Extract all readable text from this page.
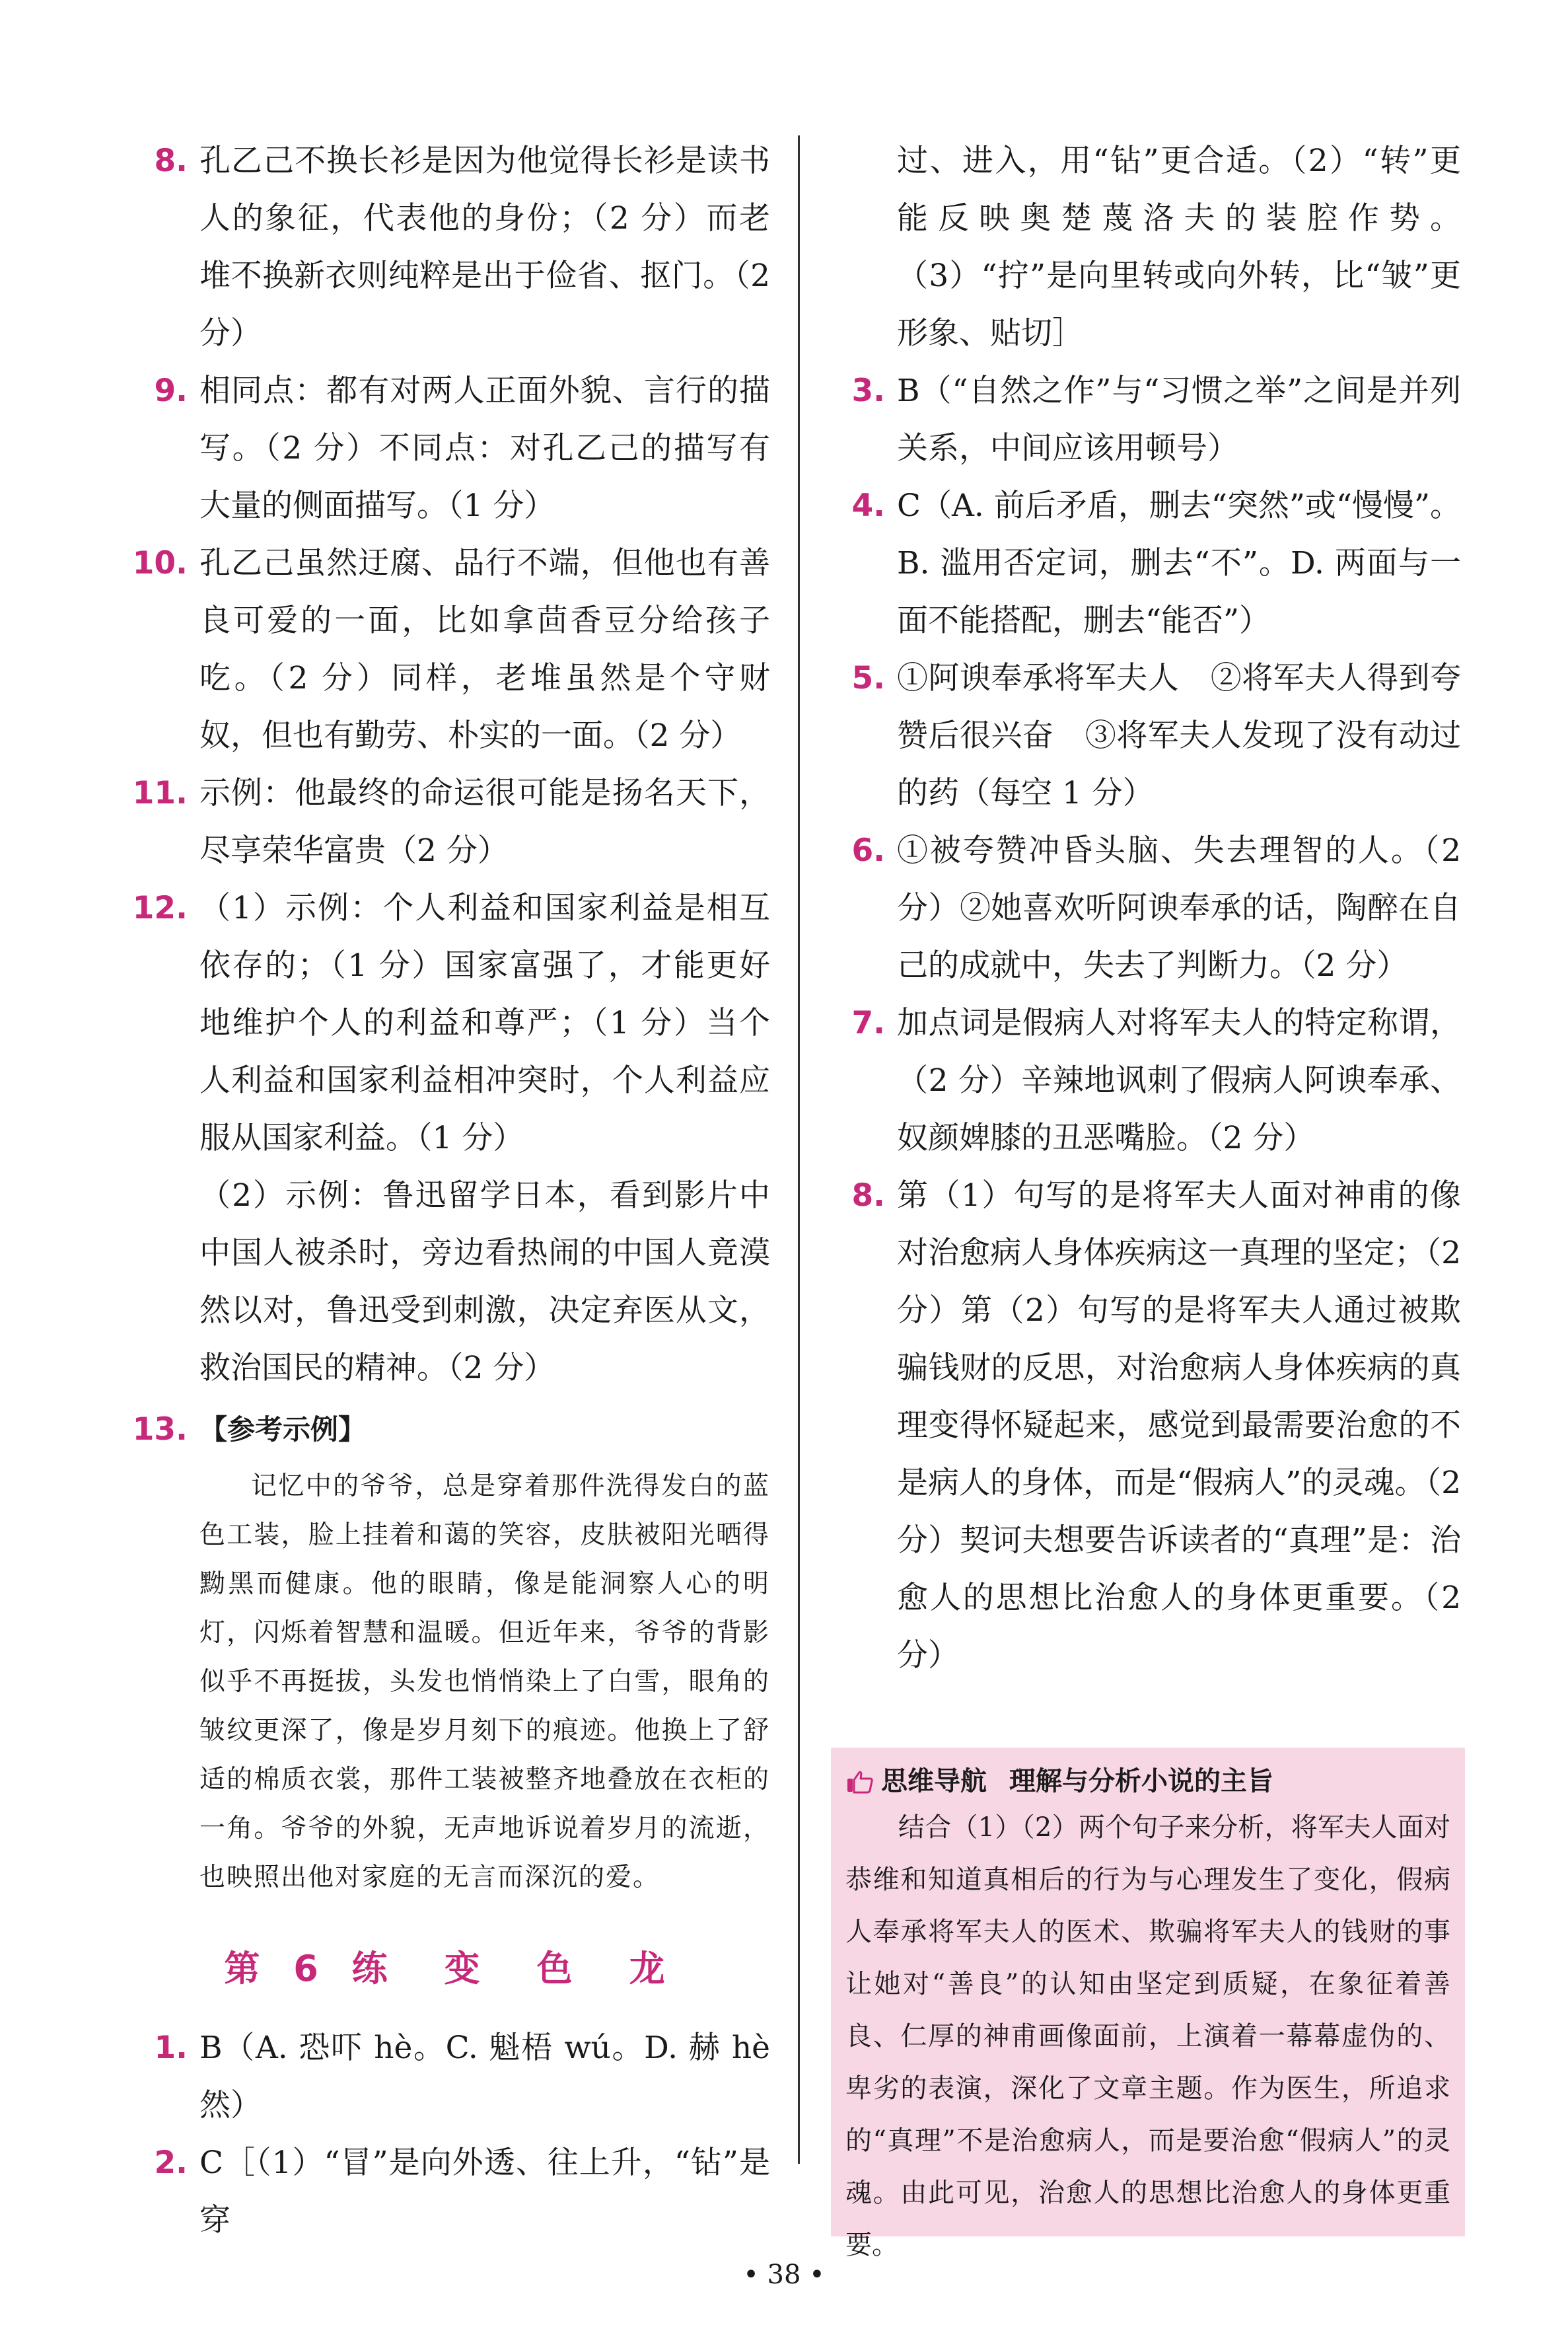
8. 孔乙己不换长衫是因为他觉得长衫是读书人的象征，代表他的身份；（2 分）而老堆不换新衣则纯粹是出于俭省、抠门。（2 分）
9. 相同点：都有对两人正面外貌、言行的描写。（2 分）不同点：对孔乙己的描写有大量的侧面描写。（1 分）
10. 孔乙己虽然迂腐、品行不端，但他也有善良可爱的一面，比如拿茴香豆分给孩子吃。（2 分）同样，老堆虽然是个守财奴，但也有勤劳、朴实的一面。（2 分）
11. 示例：他最终的命运很可能是扬名天下，尽享荣华富贵（2 分）
12. （1）示例：个人利益和国家利益是相互依存的；（1 分）国家富强了，才能更好地维护个人的利益和尊严；（1 分）当个人利益和国家利益相冲突时，个人利益应服从国家利益。（1 分）
（2）示例：鲁迅留学日本，看到影片中中国人被杀时，旁边看热闹的中国人竟漠然以对，鲁迅受到刺激，决定弃医从文，救治国民的精神。（2 分）
13. 【参考示例】
记忆中的爷爷，总是穿着那件洗得发白的蓝色工装，脸上挂着和蔼的笑容，皮肤被阳光晒得黝黑而健康。他的眼睛，像是能洞察人心的明灯，闪烁着智慧和温暖。但近年来，爷爷的背影似乎不再挺拔，头发也悄悄染上了白雪，眼角的皱纹更深了，像是岁月刻下的痕迹。他换上了舒适的棉质衣裳，那件工装被整齐地叠放在衣柜的一角。爷爷的外貌，无声地诉说着岁月的流逝，也映照出他对家庭的无言而深沉的爱。
第 6 练　变　色　龙
1. B（A. 恐吓 hè。C. 魁梧 wú。D. 赫 hè 然）
2. C［（1）“冒”是向外透、往上升，“钻”是穿
过、进入，用“钻”更合适。（2）“转”更能反映奥楚蔑洛夫的装腔作势。（3）“拧”是向里转或向外转，比“皱”更形象、贴切］
3. B（“自然之作”与“习惯之举”之间是并列关系，中间应该用顿号）
4. C（A. 前后矛盾，删去“突然”或“慢慢”。B. 滥用否定词，删去“不”。D. 两面与一面不能搭配，删去“能否”）
5. ①阿谀奉承将军夫人　②将军夫人得到夸赞后很兴奋　③将军夫人发现了没有动过的药（每空 1 分）
6. ①被夸赞冲昏头脑、失去理智的人。（2 分）②她喜欢听阿谀奉承的话，陶醉在自己的成就中，失去了判断力。（2 分）
7. 加点词是假病人对将军夫人的特定称谓，（2 分）辛辣地讽刺了假病人阿谀奉承、奴颜婢膝的丑恶嘴脸。（2 分）
8. 第（1）句写的是将军夫人面对神甫的像对治愈病人身体疾病这一真理的坚定；（2 分）第（2）句写的是将军夫人通过被欺骗钱财的反思，对治愈病人身体疾病的真理变得怀疑起来，感觉到最需要治愈的不是病人的身体，而是“假病人”的灵魂。（2 分）契诃夫想要告诉读者的“真理”是：治愈人的思想比治愈人的身体更重要。（2 分）
思维导航 理解与分析小说的主旨
结合（1）（2）两个句子来分析，将军夫人面对恭维和知道真相后的行为与心理发生了变化，假病人奉承将军夫人的医术、欺骗将军夫人的钱财的事让她对“善良”的认知由坚定到质疑，在象征着善良、仁厚的神甫画像面前，上演着一幕幕虚伪的、卑劣的表演，深化了文章主题。作为医生，所追求的“真理”不是治愈病人，而是要治愈“假病人”的灵魂。由此可见，治愈人的思想比治愈人的身体更重要。
• 38 •
